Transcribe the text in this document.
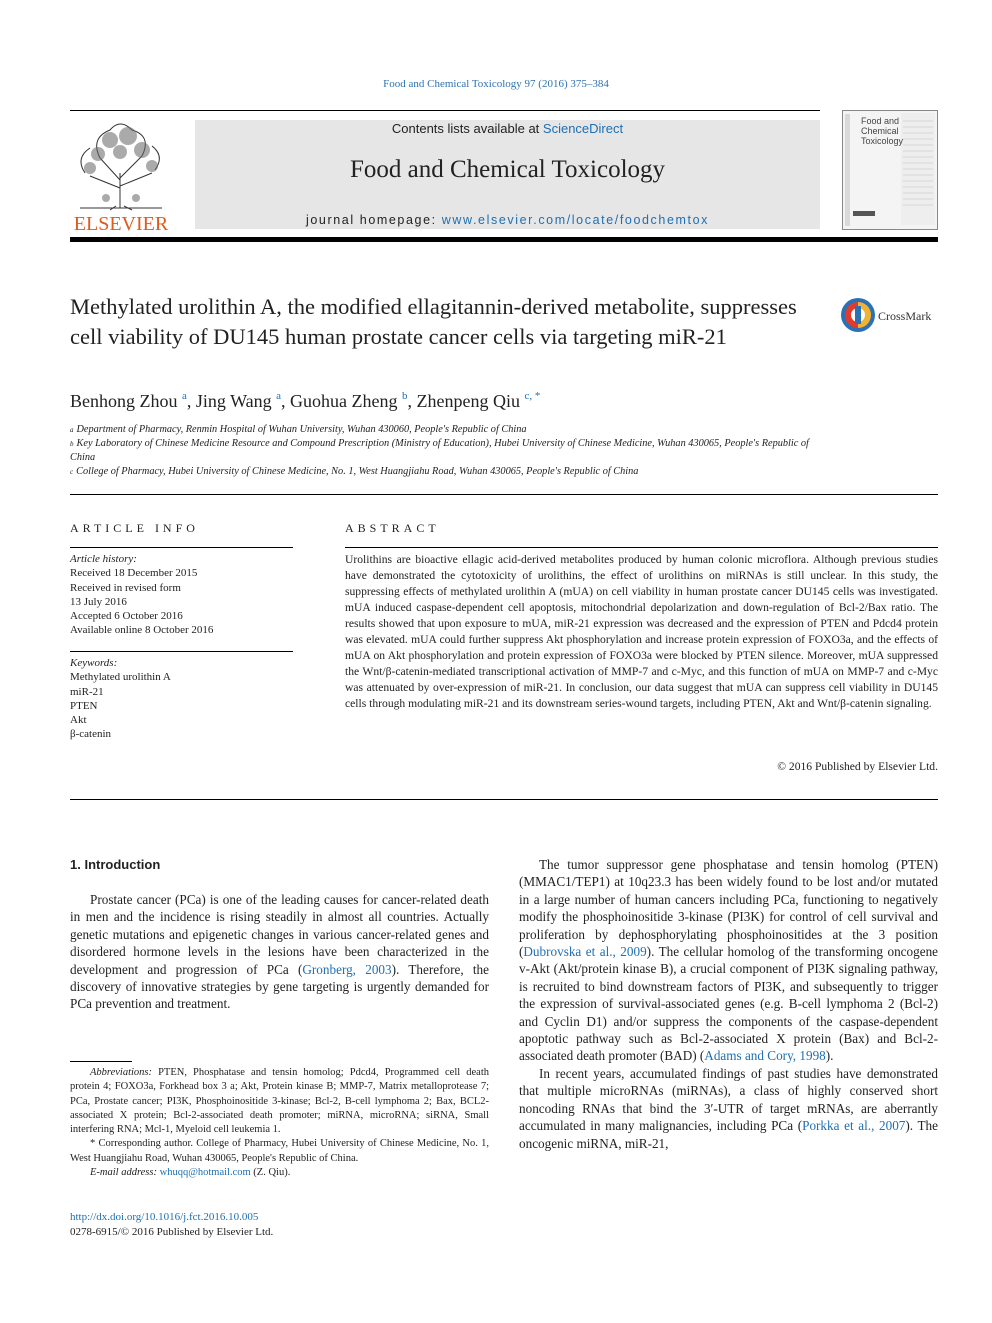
Food and Chemical Toxicology 97 (2016) 375–384
ELSEVIER
Contents lists available at ScienceDirect
Food and Chemical Toxicology
journal homepage: www.elsevier.com/locate/foodchemtox
Food and
Chemical
Toxicology
Methylated urolithin A, the modified ellagitannin-derived metabolite, suppresses cell viability of DU145 human prostate cancer cells via targeting miR-21
CrossMark
Benhong Zhou $^a$, Jing Wang $^a$, Guohua Zheng $^b$, Zhenpeng Qiu $^{c, *}$
$^a$ Department of Pharmacy, Renmin Hospital of Wuhan University, Wuhan 430060, People's Republic of China
$^b$ Key Laboratory of Chinese Medicine Resource and Compound Prescription (Ministry of Education), Hubei University of Chinese Medicine, Wuhan 430065, People's Republic of China
$^c$ College of Pharmacy, Hubei University of Chinese Medicine, No. 1, West Huangjiahu Road, Wuhan 430065, People's Republic of China
ARTICLE INFO
Article history:
Received 18 December 2015
Received in revised form
13 July 2016
Accepted 6 October 2016
Available online 8 October 2016
Keywords:
Methylated urolithin A
miR-21
PTEN
Akt
β-catenin
ABSTRACT
Urolithins are bioactive ellagic acid-derived metabolites produced by human colonic microflora. Although previous studies have demonstrated the cytotoxicity of urolithins, the effect of urolithins on miRNAs is still unclear. In this study, the suppressing effects of methylated urolithin A (mUA) on cell viability in human prostate cancer DU145 cells was investigated. mUA induced caspase-dependent cell apoptosis, mitochondrial depolarization and down-regulation of Bcl-2/Bax ratio. The results showed that upon exposure to mUA, miR-21 expression was decreased and the expression of PTEN and Pdcd4 protein was elevated. mUA could further suppress Akt phosphorylation and increase protein expression of FOXO3a, and the effects of mUA on Akt phosphorylation and protein expression of FOXO3a were blocked by PTEN silence. Moreover, mUA suppressed the Wnt/β-catenin-mediated transcriptional activation of MMP-7 and c-Myc, and this function of mUA on MMP-7 and c-Myc was attenuated by over-expression of miR-21. In conclusion, our data suggest that mUA can suppress cell viability in DU145 cells through modulating miR-21 and its downstream series-wound targets, including PTEN, Akt and Wnt/β-catenin signaling.
© 2016 Published by Elsevier Ltd.
1. Introduction

Prostate cancer (PCa) is one of the leading causes for cancer-related death in men and the incidence is rising steadily in almost all countries. Actually genetic mutations and epigenetic changes in various cancer-related genes and disordered hormone levels in the lesions have been characterized in the development and progression of PCa (Gronberg, 2003). Therefore, the discovery of innovative strategies by gene targeting is urgently demanded for PCa prevention and treatment.

The tumor suppressor gene phosphatase and tensin homolog (PTEN) (MMAC1/TEP1) at 10q23.3 has been widely found to be lost and/or mutated in a large number of human cancers including PCa, functioning to negatively modify the phosphoinositide 3-kinase (PI3K) for control of cell survival and proliferation by dephosphorylating phosphoinositides at the 3 position (Dubrovska et al., 2009). The cellular homolog of the transforming oncogene v-Akt (Akt/protein kinase B), a crucial component of PI3K signaling pathway, is recruited to bind downstream factors of PI3K, and subsequently to trigger the expression of survival-associated genes (e.g. B-cell lymphoma 2 (Bcl-2) and Cyclin D1) and/or suppress the components of the caspase-dependent apoptotic pathway such as Bcl-2-associated X protein (Bax) and Bcl-2-associated death promoter (BAD) (Adams and Cory, 1998).

In recent years, accumulated findings of past studies have demonstrated that multiple microRNAs (miRNAs), a class of highly conserved short noncoding RNAs that bind the 3′-UTR of target mRNAs, are aberrantly accumulated in many malignancies, including PCa (Porkka et al., 2007). The oncogenic miRNA, miR-21,

Abbreviations: PTEN, Phosphatase and tensin homolog; Pdcd4, Programmed cell death protein 4; FOXO3a, Forkhead box 3 a; Akt, Protein kinase B; MMP-7, Matrix metalloprotease 7; PCa, Prostate cancer; PI3K, Phosphoinositide 3-kinase; Bcl-2, B-cell lymphoma 2; Bax, BCL2-associated X protein; Bcl-2-associated death promoter; miRNA, microRNA; siRNA, Small interfering RNA; Mcl-1, Myeloid cell leukemia 1.

* Corresponding author. College of Pharmacy, Hubei University of Chinese Medicine, No. 1, West Huangjiahu Road, Wuhan 430065, People's Republic of China.

E-mail address: whuqq@hotmail.com (Z. Qiu).

http://dx.doi.org/10.1016/j.fct.2016.10.005
0278-6915/© 2016 Published by Elsevier Ltd.
